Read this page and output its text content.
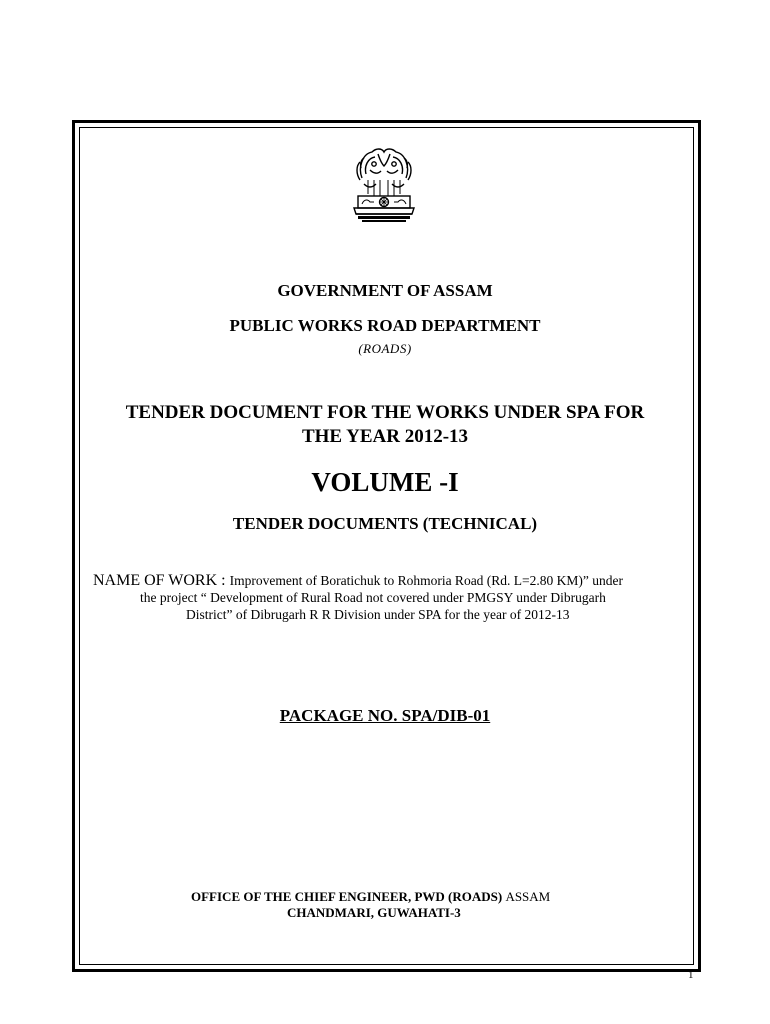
GOVERNMENT OF ASSAM
PUBLIC WORKS ROAD DEPARTMENT
(ROADS)
TENDER DOCUMENT FOR THE WORKS UNDER SPA FOR
THE YEAR 2012-13
VOLUME -I
TENDER DOCUMENTS (TECHNICAL)
NAME OF WORK : Improvement of Boratichuk to Rohmoria Road (Rd. L=2.80 KM)” under
the project “ Development of Rural Road not covered under PMGSY under Dibrugarh
District” of Dibrugarh R R Division under SPA for the year of 2012-13
PACKAGE NO. SPA/DIB-01
OFFICE OF THE CHIEF ENGINEER, PWD (ROADS) ASSAM
CHANDMARI, GUWAHATI-3
1
